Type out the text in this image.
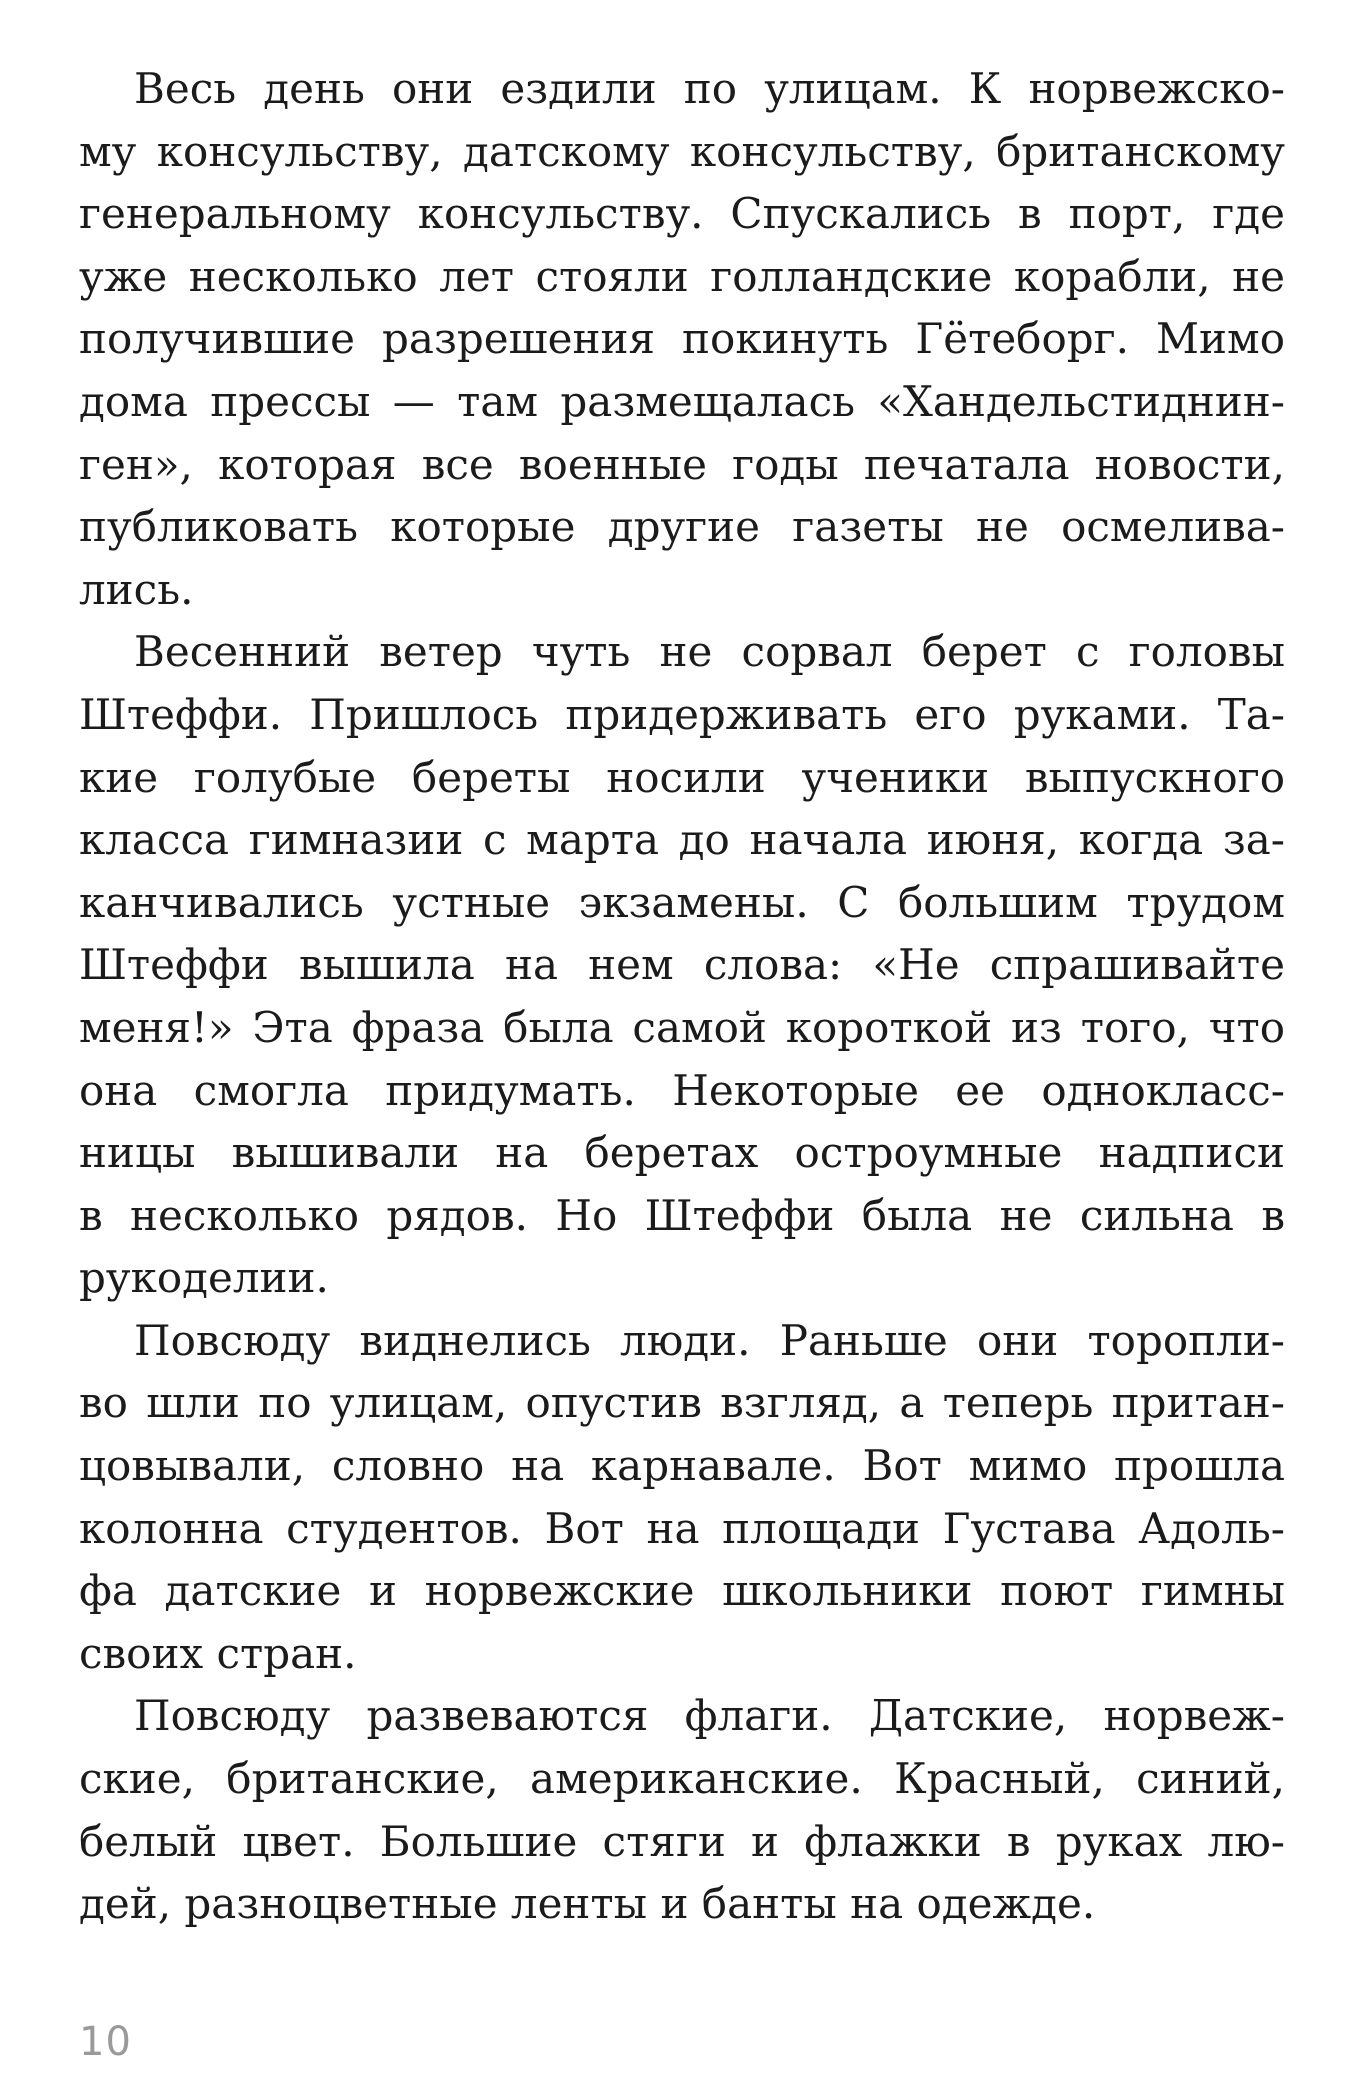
Весь день они ездили по улицам. К норвежско-
му консульству, датскому консульству, британскому
генеральному консульству. Спускались в порт, где
уже несколько лет стояли голландские корабли, не
получившие разрешения покинуть Гётеборг. Мимо
дома прессы — там размещалась «Хандельстиднин-
ген», которая все военные годы печатала новости,
публиковать которые другие газеты не осмелива-
лись.
Весенний ветер чуть не сорвал берет с головы
Штеффи. Пришлось придерживать его руками. Та-
кие голубые береты носили ученики выпускного
класса гимназии с марта до начала июня, когда за-
канчивались устные экзамены. С большим трудом
Штеффи вышила на нем слова: «Не спрашивайте
меня!» Эта фраза была самой короткой из того, что
она смогла придумать. Некоторые ее однокласс-
ницы вышивали на беретах остроумные надписи
в несколько рядов. Но Штеффи была не сильна в
рукоделии.
Повсюду виднелись люди. Раньше они торопли-
во шли по улицам, опустив взгляд, а теперь притан-
цовывали, словно на карнавале. Вот мимо прошла
колонна студентов. Вот на площади Густава Адоль-
фа датские и норвежские школьники поют гимны
своих стран.
Повсюду развеваются флаги. Датские, норвеж-
ские, британские, американские. Красный, синий,
белый цвет. Большие стяги и флажки в руках лю-
дей, разноцветные ленты и банты на одежде.
10
